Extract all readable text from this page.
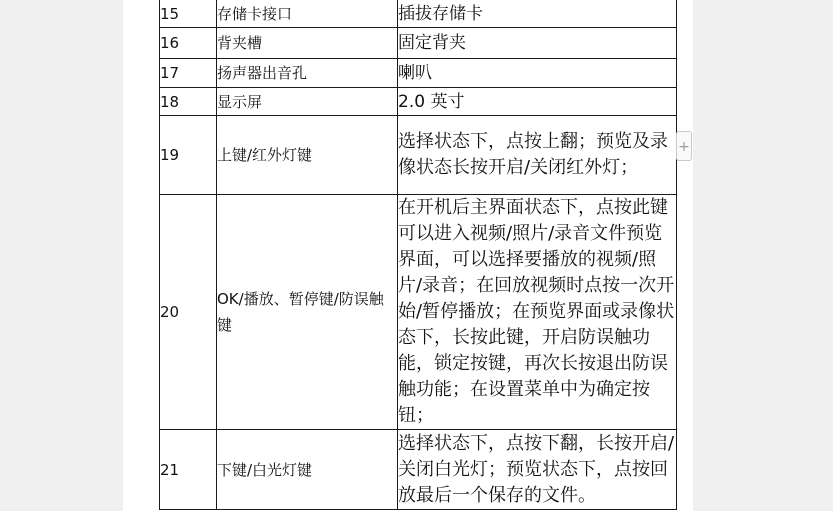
15	存储卡接口	插拔存储卡
16	背夹槽	固定背夹
17	扬声器出音孔	喇叭
18	显示屏	2.0 英寸
19	上键/红外灯键	选择状态下，点按上翻；预览及录像状态长按开启/关闭红外灯；
20	OK/播放、暂停键/防误触键	在开机后主界面状态下，点按此键可以进入视频/照片/录音文件预览界面，可以选择要播放的视频/照片/录音；在回放视频时点按一次开始/暂停播放；在预览界面或录像状态下，长按此键，开启防误触功能，锁定按键，再次长按退出防误触功能；在设置菜单中为确定按钮；
21	下键/白光灯键	选择状态下，点按下翻，长按开启/关闭白光灯；预览状态下，点按回放最后一个保存的文件。
+
